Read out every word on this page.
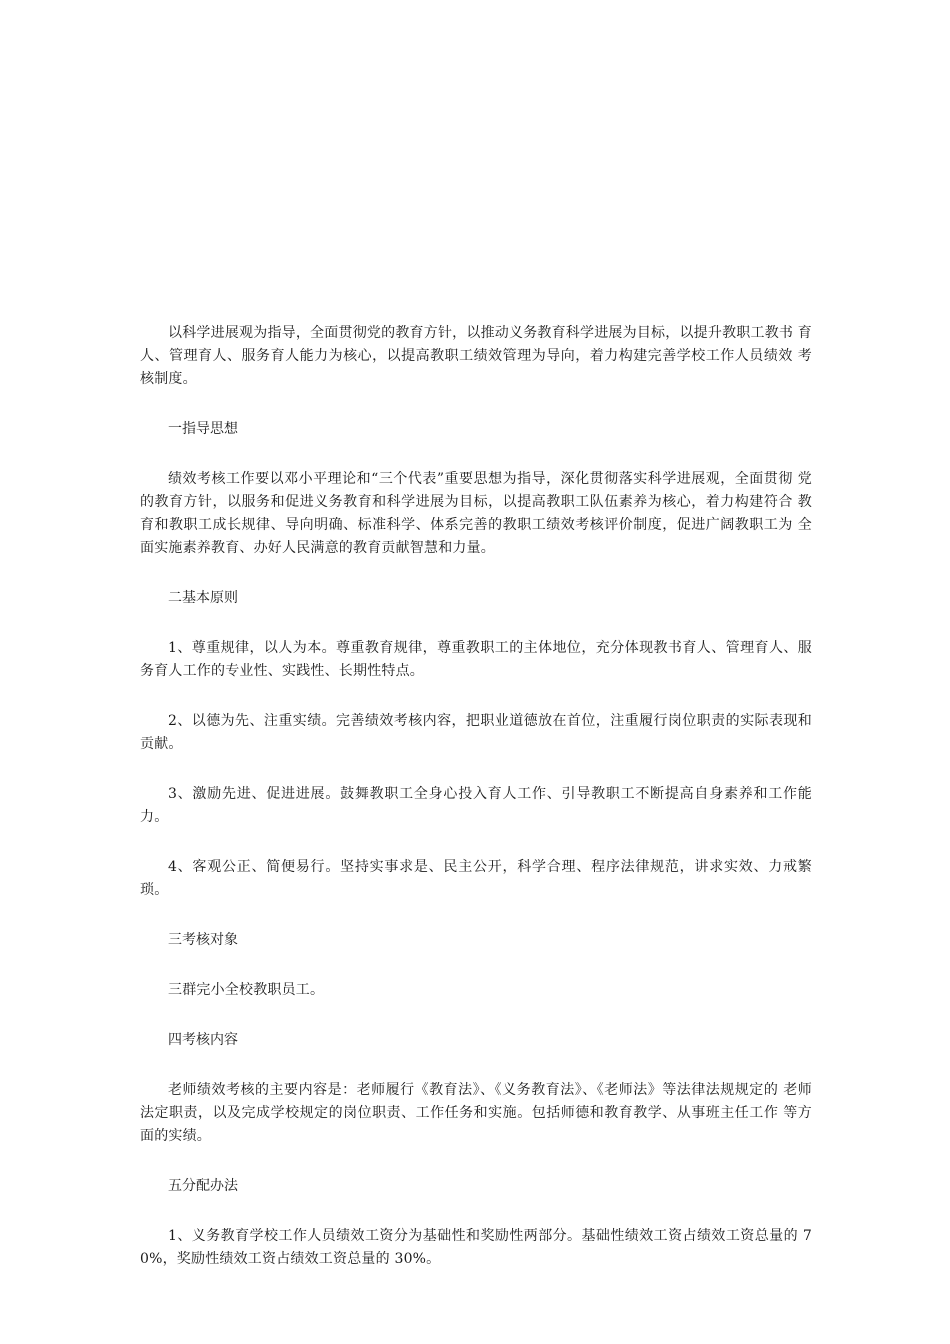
以科学进展观为指导，全面贯彻党的教育方针，以推动义务教育科学进展为目标，以提升教职工教书 育人、管理育人、服务育人能力为核心，以提高教职工绩效管理为导向，着力构建完善学校工作人员绩效 考核制度。

一指导思想

绩效考核工作要以邓小平理论和“三个代表”重要思想为指导，深化贯彻落实科学进展观，全面贯彻 党的教育方针，以服务和促进义务教育和科学进展为目标，以提高教职工队伍素养为核心，着力构建符合 教育和教职工成长规律、导向明确、标准科学、体系完善的教职工绩效考核评价制度，促进广阔教职工为 全面实施素养教育、办好人民满意的教育贡献智慧和力量。

二基本原则

1、尊重规律，以人为本。尊重教育规律，尊重教职工的主体地位，充分体现教书育人、管理育人、服 务育人工作的专业性、实践性、长期性特点。

2、以德为先、注重实绩。完善绩效考核内容，把职业道德放在首位，注重履行岗位职责的实际表现和 贡献。

3、激励先进、促进进展。鼓舞教职工全身心投入育人工作、引导教职工不断提高自身素养和工作能力。

4、客观公正、简便易行。坚持实事求是、民主公开，科学合理、程序法律规范，讲求实效、力戒繁琐。

三考核对象

三群完小全校教职员工。

四考核内容

老师绩效考核的主要内容是：老师履行《教育法》、《义务教育法》、《老师法》等法律法规规定的 老师法定职责，以及完成学校规定的岗位职责、工作任务和实施。包括师德和教育教学、从事班主任工作 等方面的实绩。

五分配办法

1、义务教育学校工作人员绩效工资分为基础性和奖励性两部分。基础性绩效工资占绩效工资总量的 70%，奖励性绩效工资占绩效工资总量的 30%。
